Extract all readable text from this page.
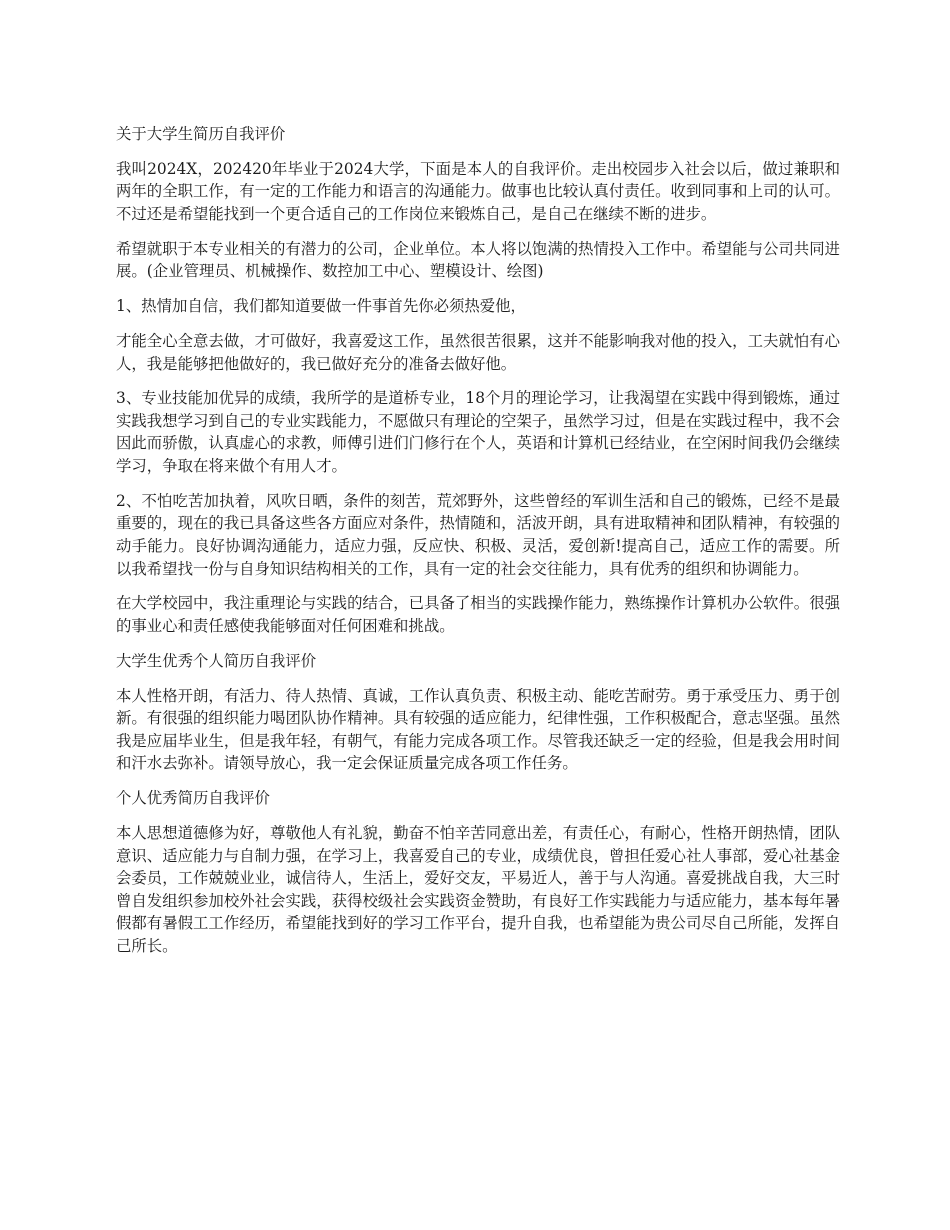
关于大学生简历自我评价

我叫2024X，202420年毕业于2024大学，下面是本人的自我评价。走出校园步入社会以后，做过兼职和两年的全职工作，有一定的工作能力和语言的沟通能力。做事也比较认真付责任。收到同事和上司的认可。不过还是希望能找到一个更合适自己的工作岗位来锻炼自己，是自己在继续不断的进步。

希望就职于本专业相关的有潜力的公司，企业单位。本人将以饱满的热情投入工作中。希望能与公司共同进展。(企业管理员、机械操作、数控加工中心、塑模设计、绘图)

1、热情加自信，我们都知道要做一件事首先你必须热爱他，

才能全心全意去做，才可做好，我喜爱这工作，虽然很苦很累，这并不能影响我对他的投入，工夫就怕有心人，我是能够把他做好的，我已做好充分的准备去做好他。

3、专业技能加优异的成绩，我所学的是道桥专业，18个月的理论学习，让我渴望在实践中得到锻炼，通过实践我想学习到自己的专业实践能力，不愿做只有理论的空架子，虽然学习过，但是在实践过程中，我不会因此而骄傲，认真虚心的求教，师傅引进们门修行在个人，英语和计算机已经结业，在空闲时间我仍会继续学习，争取在将来做个有用人才。

2、不怕吃苦加执着，风吹日晒，条件的刻苦，荒郊野外，这些曾经的军训生活和自己的锻炼，已经不是最重要的，现在的我已具备这些各方面应对条件，热情随和，活波开朗，具有进取精神和团队精神，有较强的动手能力。良好协调沟通能力，适应力强，反应快、积极、灵活，爱创新!提高自己，适应工作的需要。所以我希望找一份与自身知识结构相关的工作，具有一定的社会交往能力，具有优秀的组织和协调能力。

在大学校园中，我注重理论与实践的结合，已具备了相当的实践操作能力，熟练操作计算机办公软件。很强的事业心和责任感使我能够面对任何困难和挑战。

大学生优秀个人简历自我评价

本人性格开朗，有活力、待人热情、真诚，工作认真负责、积极主动、能吃苦耐劳。勇于承受压力、勇于创新。有很强的组织能力喝团队协作精神。具有较强的适应能力，纪律性强，工作积极配合，意志坚强。虽然我是应届毕业生，但是我年轻，有朝气，有能力完成各项工作。尽管我还缺乏一定的经验，但是我会用时间和汗水去弥补。请领导放心，我一定会保证质量完成各项工作任务。

个人优秀简历自我评价

本人思想道德修为好，尊敬他人有礼貌，勤奋不怕辛苦同意出差，有责任心，有耐心，性格开朗热情，团队意识、适应能力与自制力强，在学习上，我喜爱自己的专业，成绩优良，曾担任爱心社人事部，爱心社基金会委员，工作兢兢业业，诚信待人，生活上，爱好交友，平易近人，善于与人沟通。喜爱挑战自我，大三时曾自发组织参加校外社会实践，获得校级社会实践资金赞助，有良好工作实践能力与适应能力，基本每年暑假都有暑假工工作经历，希望能找到好的学习工作平台，提升自我，也希望能为贵公司尽自己所能，发挥自己所长。
